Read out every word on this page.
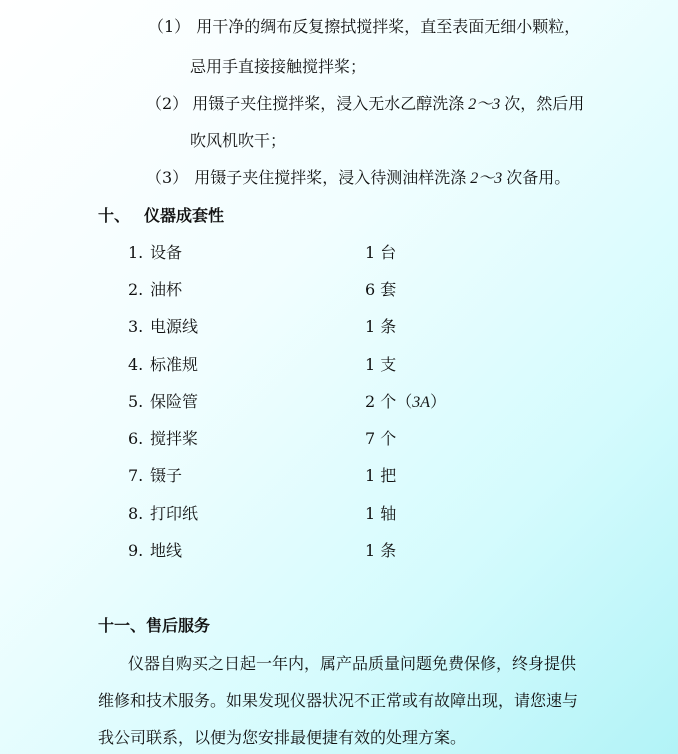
（1） 用干净的绸布反复擦拭搅拌桨，直至表面无细小颗粒，
忌用手直接接触搅拌桨；
（2） 用镊子夹住搅拌桨，浸入无水乙醇洗涤 2～3 次，然后用
吹风机吹干；
（3） 用镊子夹住搅拌桨，浸入待测油样洗涤 2～3 次备用。
十、 仪器成套性
1. 设备	1 台
2. 油杯	6 套
3. 电源线	1 条
4. 标准规	1 支
5. 保险管	2 个（3A）
6. 搅拌桨	7 个
7. 镊子	1 把
8. 打印纸	1 轴
9. 地线	1 条
十一、售后服务
仪器自购买之日起一年内，属产品质量问题免费保修，终身提供
维修和技术服务。如果发现仪器状况不正常或有故障出现，请您速与
我公司联系，以便为您安排最便捷有效的处理方案。
